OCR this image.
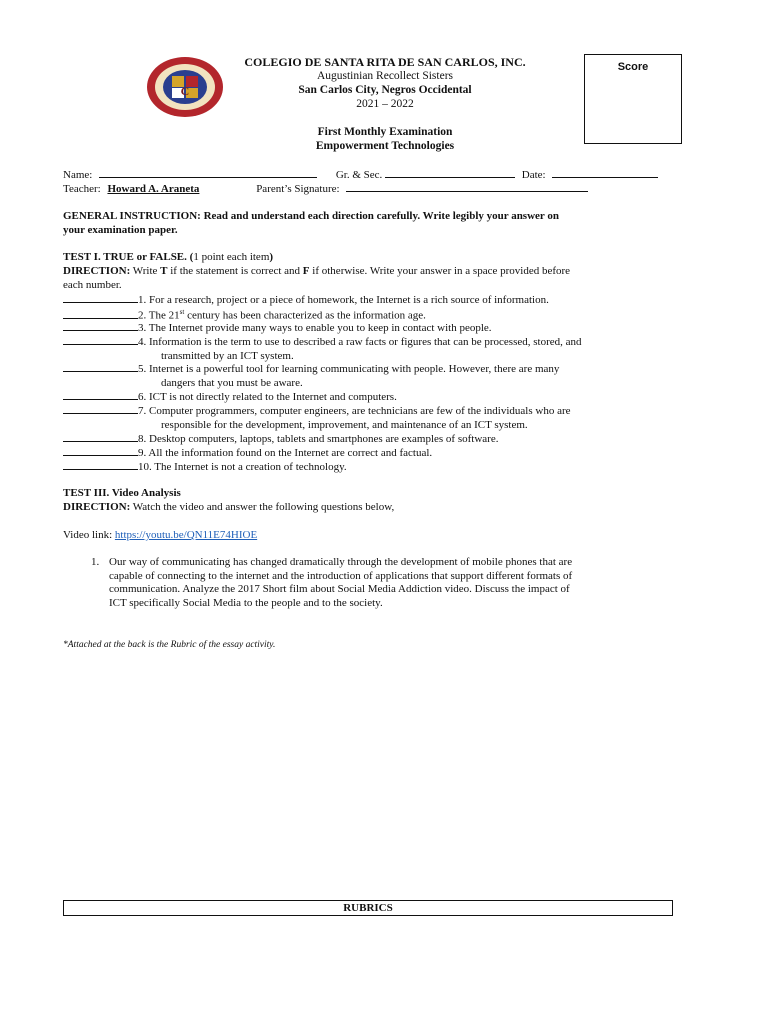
C
COLEGIO DE SANTA RITA DE SAN CARLOS, INC.
Augustinian Recollect Sisters
San Carlos City, Negros Occidental
2021 – 2022
First Monthly Examination
Empowerment Technologies
Score
Name:	Gr. & Sec.	Date:
Teacher: Howard A. Araneta	Parent’s Signature:
GENERAL INSTRUCTION: Read and understand each direction carefully. Write legibly your answer on
your examination paper.
TEST I. TRUE or FALSE. (1 point each item)
DIRECTION: Write T if the statement is correct and F if otherwise. Write your answer in a space provided before
each number.
1. For a research, project or a piece of homework, the Internet is a rich source of information.
2. The 21st century has been characterized as the information age.
3. The Internet provide many ways to enable you to keep in contact with people.
4. Information is the term to use to described a raw facts or figures that can be processed, stored, and
transmitted by an ICT system.
5. Internet is a powerful tool for learning communicating with people. However, there are many
dangers that you must be aware.
6. ICT is not directly related to the Internet and computers.
7. Computer programmers, computer engineers, are technicians are few of the individuals who are
responsible for the development, improvement, and maintenance of an ICT system.
8. Desktop computers, laptops, tablets and smartphones are examples of software.
9. All the information found on the Internet are correct and factual.
10. The Internet is not a creation of technology.
TEST III. Video Analysis
DIRECTION: Watch the video and answer the following questions below,
Video link: https://youtu.be/QN11E74HIOE
1. Our way of communicating has changed dramatically through the development of mobile phones that are
capable of connecting to the internet and the introduction of applications that support different formats of
communication. Analyze the 2017 Short film about Social Media Addiction video. Discuss the impact of
ICT specifically Social Media to the people and to the society.
*Attached at the back is the Rubric of the essay activity.
RUBRICS
